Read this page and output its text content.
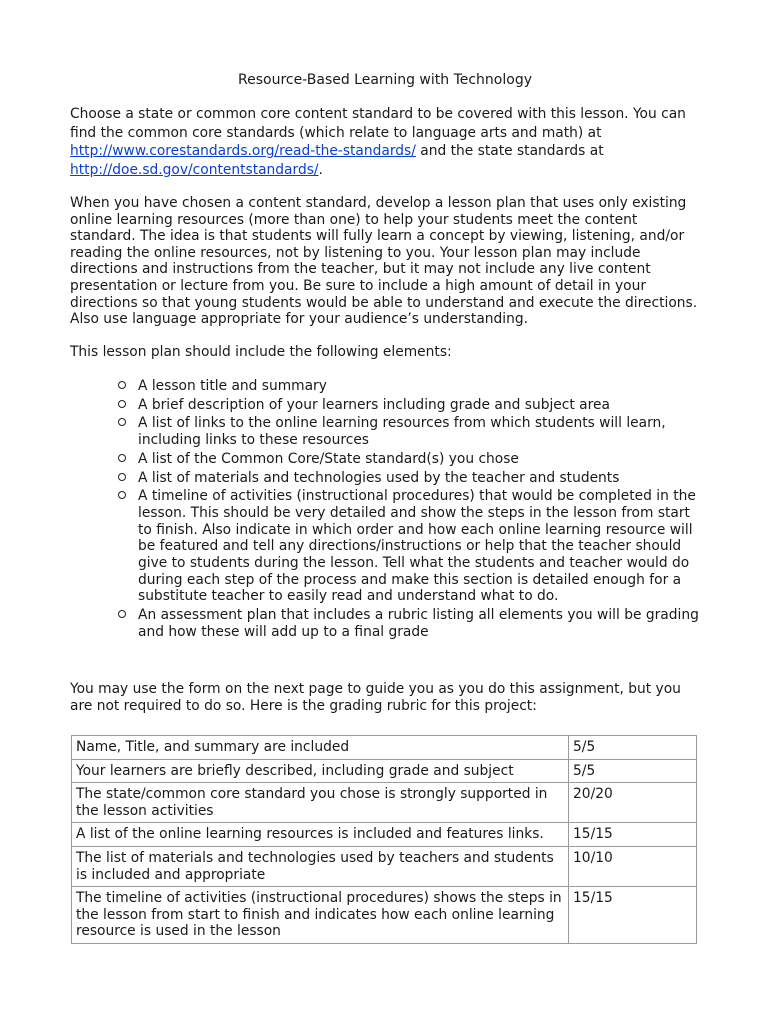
Resource-Based Learning with Technology

Choose a state or common core content standard to be covered with this lesson. You can find the common core standards (which relate to language arts and math) at http://www.corestandards.org/read-the-standards/ and the state standards at http://doe.sd.gov/contentstandards/.

When you have chosen a content standard, develop a lesson plan that uses only existing online learning resources (more than one) to help your students meet the content standard. The idea is that students will fully learn a concept by viewing, listening, and/or reading the online resources, not by listening to you. Your lesson plan may include directions and instructions from the teacher, but it may not include any live content presentation or lecture from you. Be sure to include a high amount of detail in your directions so that young students would be able to understand and execute the directions. Also use language appropriate for your audience’s understanding.

This lesson plan should include the following elements:

A lesson title and summary
A brief description of your learners including grade and subject area
A list of links to the online learning resources from which students will learn, including links to these resources
A list of the Common Core/State standard(s) you chose
A list of materials and technologies used by the teacher and students
A timeline of activities (instructional procedures) that would be completed in the lesson. This should be very detailed and show the steps in the lesson from start to finish. Also indicate in which order and how each online learning resource will be featured and tell any directions/instructions or help that the teacher should give to students during the lesson. Tell what the students and teacher would do during each step of the process and make this section is detailed enough for a substitute teacher to easily read and understand what to do.
An assessment plan that includes a rubric listing all elements you will be grading and how these will add up to a final grade

You may use the form on the next page to guide you as you do this assignment, but you are not required to do so. Here is the grading rubric for this project:

Name, Title, and summary are included	5/5
Your learners are briefly described, including grade and subject	5/5
The state/common core standard you chose is strongly supported in the lesson activities	20/20
A list of the online learning resources is included and features links.	15/15
The list of materials and technologies used by teachers and students is included and appropriate	10/10
The timeline of activities (instructional procedures) shows the steps in the lesson from start to finish and indicates how each online learning resource is used in the lesson	15/15
